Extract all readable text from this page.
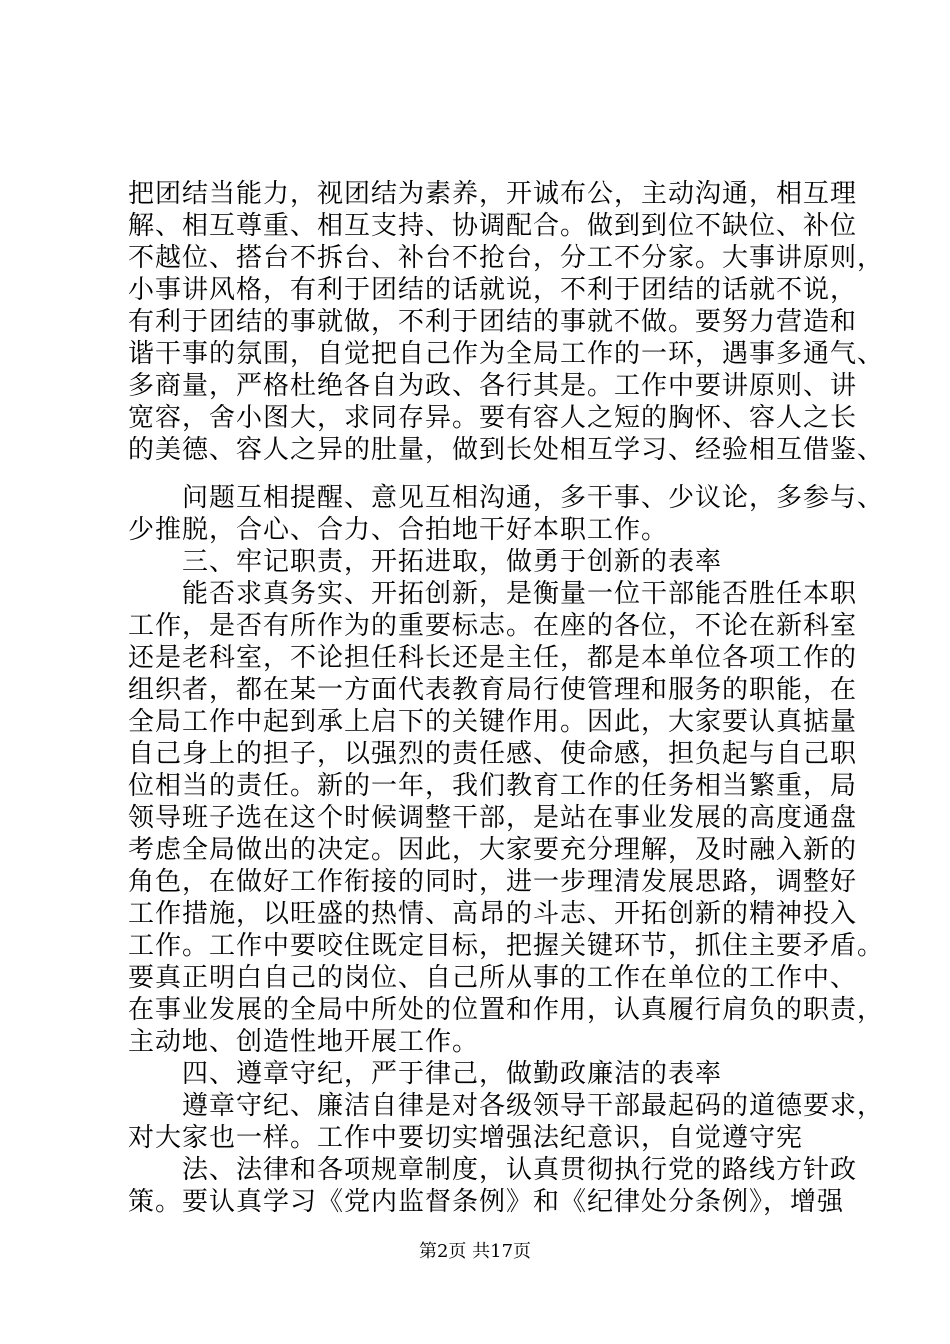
把团结当能力，视团结为素养，开诚布公，主动沟通，相互理
解、相互尊重、相互支持、协调配合。做到到位不缺位、补位
不越位、搭台不拆台、补台不抢台，分工不分家。大事讲原则，
小事讲风格，有利于团结的话就说，不利于团结的话就不说，
有利于团结的事就做，不利于团结的事就不做。要努力营造和
谐干事的氛围，自觉把自己作为全局工作的一环，遇事多通气、
多商量，严格杜绝各自为政、各行其是。工作中要讲原则、讲
宽容，舍小图大，求同存异。要有容人之短的胸怀、容人之长
的美德、容人之异的肚量，做到长处相互学习、经验相互借鉴、
问题互相提醒、意见互相沟通，多干事、少议论，多参与、
少推脱，合心、合力、合拍地干好本职工作。
三、牢记职责，开拓进取，做勇于创新的表率
能否求真务实、开拓创新，是衡量一位干部能否胜任本职
工作，是否有所作为的重要标志。在座的各位，不论在新科室
还是老科室，不论担任科长还是主任，都是本单位各项工作的
组织者，都在某一方面代表教育局行使管理和服务的职能，在
全局工作中起到承上启下的关键作用。因此，大家要认真掂量
自己身上的担子，以强烈的责任感、使命感，担负起与自己职
位相当的责任。新的一年，我们教育工作的任务相当繁重，局
领导班子选在这个时候调整干部，是站在事业发展的高度通盘
考虑全局做出的决定。因此，大家要充分理解，及时融入新的
角色，在做好工作衔接的同时，进一步理清发展思路，调整好
工作措施，以旺盛的热情、高昂的斗志、开拓创新的精神投入
工作。工作中要咬住既定目标，把握关键环节，抓住主要矛盾。
要真正明白自己的岗位、自己所从事的工作在单位的工作中、
在事业发展的全局中所处的位置和作用，认真履行肩负的职责，
主动地、创造性地开展工作。
四、遵章守纪，严于律己，做勤政廉洁的表率
遵章守纪、廉洁自律是对各级领导干部最起码的道德要求，
对大家也一样。工作中要切实增强法纪意识，自觉遵守宪
法、法律和各项规章制度，认真贯彻执行党的路线方针政
策。要认真学习《党内监督条例》和《纪律处分条例》，增强
第2页 共17页
